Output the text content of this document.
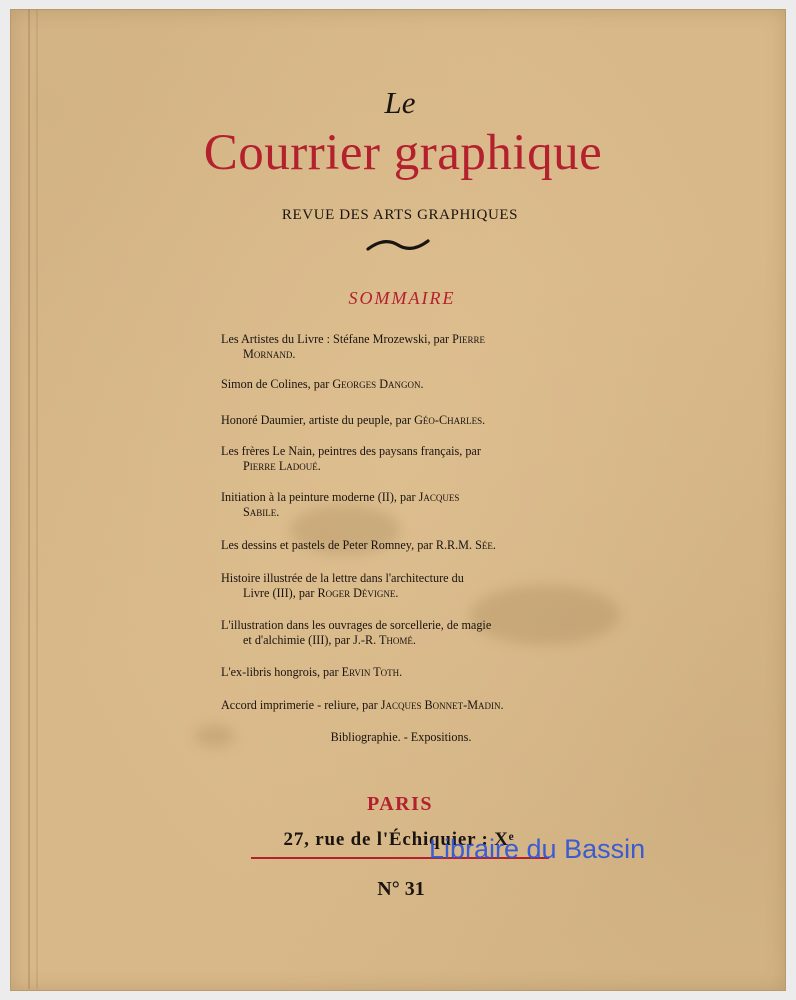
Le
Courrier graphique
REVUE DES ARTS GRAPHIQUES
SOMMAIRE
Les Artistes du Livre : Stéfane Mrozewski, par Pierre
Mornand.
Simon de Colines, par Georges Dangon.
Honoré Daumier, artiste du peuple, par Géo-Charles.
Les frères Le Nain, peintres des paysans français, par
Pierre Ladoué.
Initiation à la peinture moderne (II), par Jacques
Sabile.
Les dessins et pastels de Peter Romney, par R.R.M. Sée.
Histoire illustrée de la lettre dans l'architecture du
Livre (III), par Roger Dévigne.
L'illustration dans les ouvrages de sorcellerie, de magie
et d'alchimie (III), par J.-R. Thomé.
L'ex-libris hongrois, par Ervin Toth.
Accord imprimerie - reliure, par Jacques Bonnet-Madin.
Bibliographie. - Expositions.
PARIS
27, rue de l'Échiquier : Xᵉ
N° 31
Libraire du Bassin
